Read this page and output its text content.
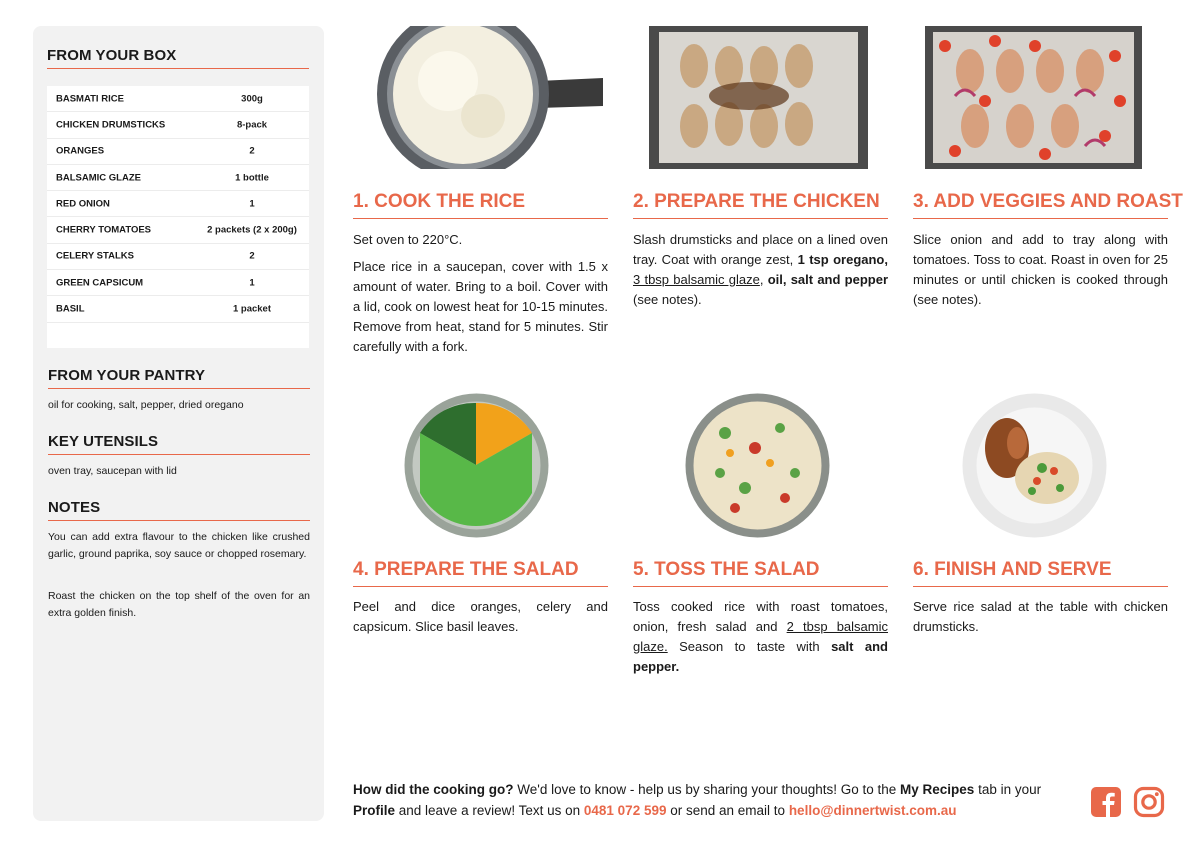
FROM YOUR BOX
BASMATI RICE	300g
CHICKEN DRUMSTICKS	8-pack
ORANGES	2
BALSAMIC GLAZE	1 bottle
RED ONION	1
CHERRY TOMATOES	2 packets (2 x 200g)
CELERY STALKS	2
GREEN CAPSICUM	1
BASIL	1 packet
FROM YOUR PANTRY
oil for cooking, salt, pepper, dried oregano
KEY UTENSILS
oven tray, saucepan with lid
NOTES
You can add extra flavour to the chicken like crushed garlic, ground paprika, soy sauce or chopped rosemary.
Roast the chicken on the top shelf of the oven for an extra golden finish.
1. COOK THE RICE

Set oven to 220°C.

Place rice in a saucepan, cover with 1.5 x amount of water. Bring to a boil. Cover with a lid, cook on lowest heat for 10-15 minutes. Remove from heat, stand for 5 minutes. Stir carefully with a fork.

2. PREPARE THE CHICKEN
Slash drumsticks and place on a lined oven tray. Coat with orange zest, 1 tsp oregano, 3 tbsp balsamic glaze, oil, salt and pepper (see notes).
3. ADD VEGGIES AND ROAST
Slice onion and add to tray along with tomatoes. Toss to coat. Roast in oven for 25 minutes or until chicken is cooked through (see notes).
4. PREPARE THE SALAD
Peel and dice oranges, celery and capsicum. Slice basil leaves.
5. TOSS THE SALAD
Toss cooked rice with roast tomatoes, onion, fresh salad and 2 tbsp balsamic glaze. Season to taste with salt and pepper.
6. FINISH AND SERVE
Serve rice salad at the table with chicken drumsticks.
How did the cooking go? We'd love to know - help us by sharing your thoughts! Go to the My Recipes tab in your Profile and leave a review! Text us on 0481 072 599 or send an email to hello@dinnertwist.com.au
